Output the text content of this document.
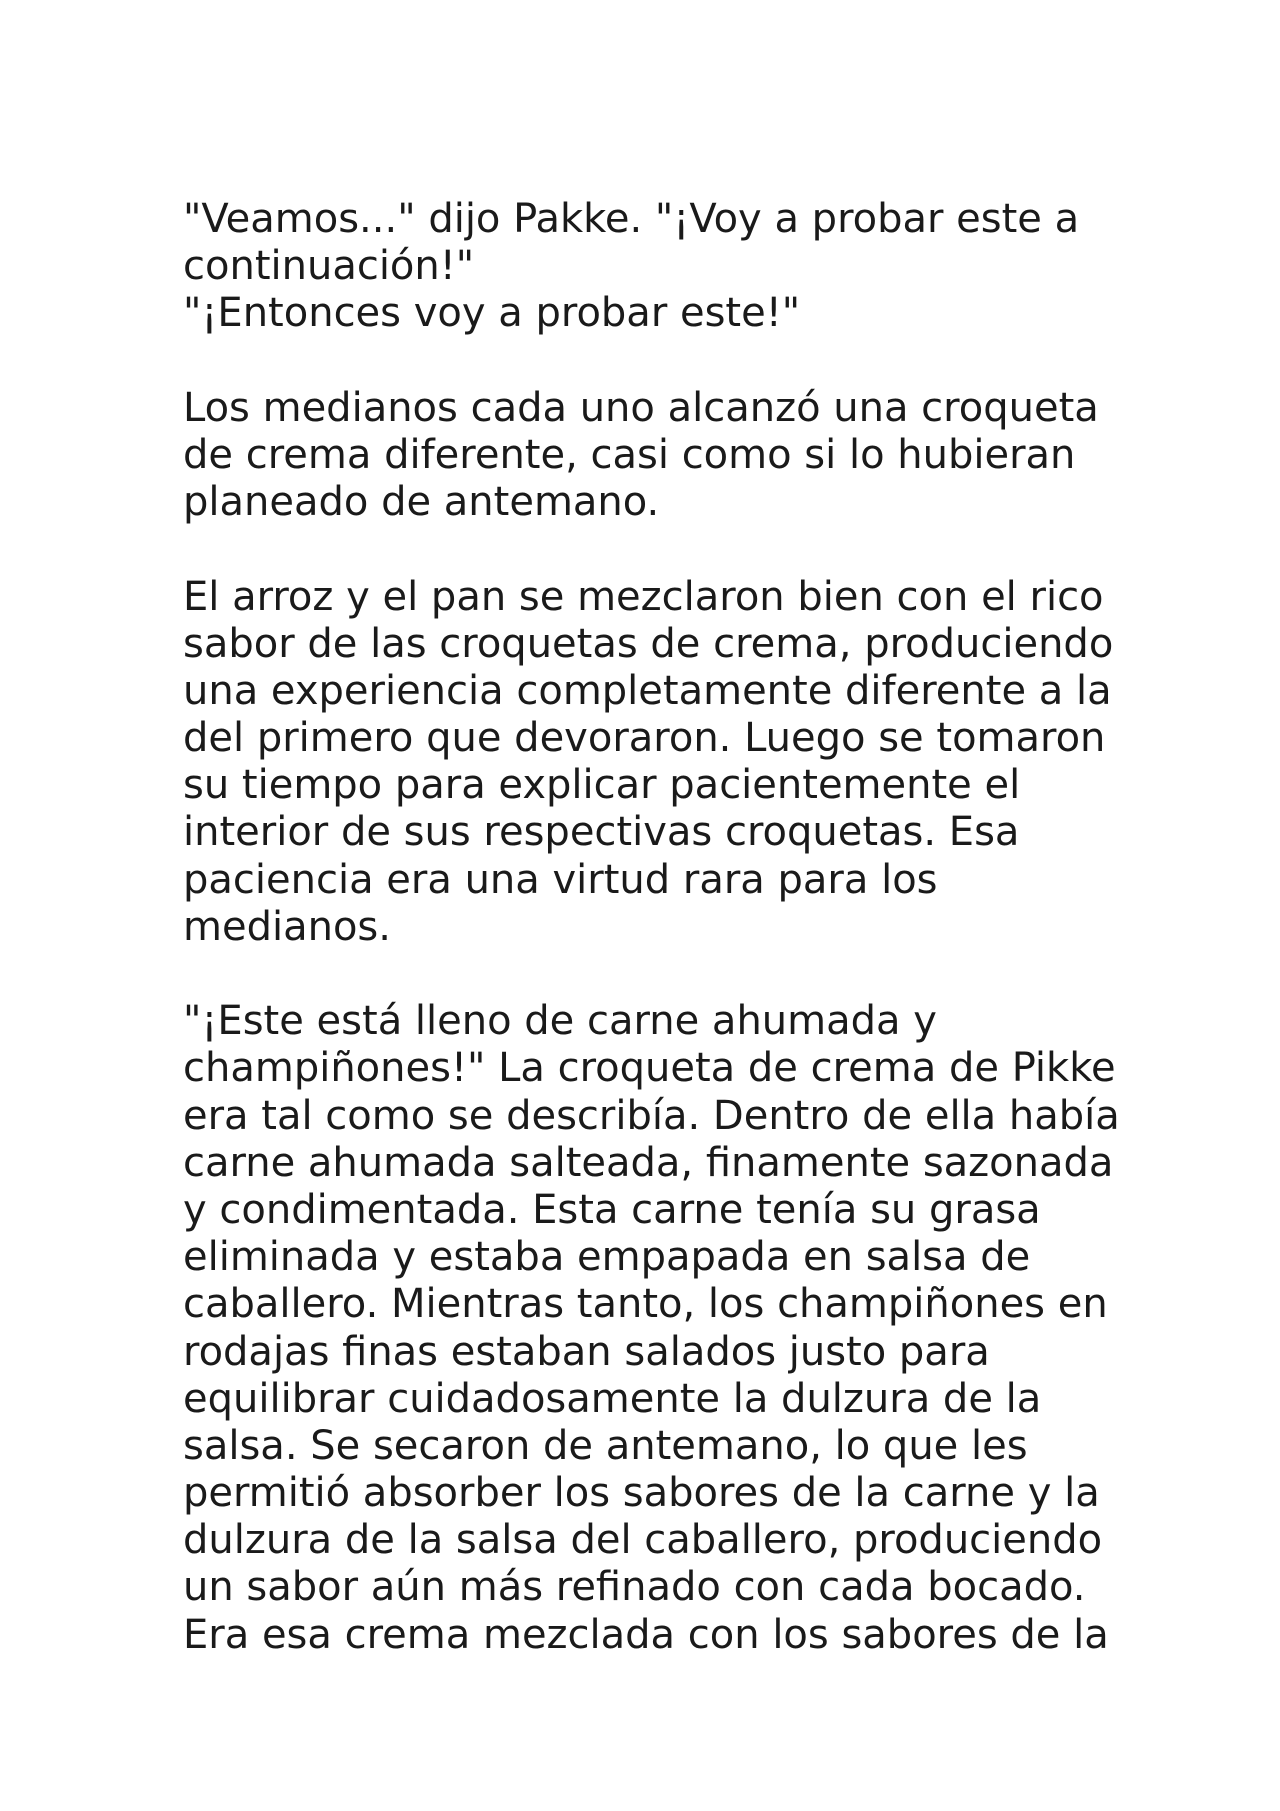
"Veamos..." dijo Pakke. "¡Voy a probar este a
continuación!"
"¡Entonces voy a probar este!"
Los medianos cada uno alcanzó una croqueta
de crema diferente, casi como si lo hubieran
planeado de antemano.
El arroz y el pan se mezclaron bien con el rico
sabor de las croquetas de crema, produciendo
una experiencia completamente diferente a la
del primero que devoraron. Luego se tomaron
su tiempo para explicar pacientemente el
interior de sus respectivas croquetas. Esa
paciencia era una virtud rara para los
medianos.
"¡Este está lleno de carne ahumada y
champiñones!" La croqueta de crema de Pikke
era tal como se describía. Dentro de ella había
carne ahumada salteada, finamente sazonada
y condimentada. Esta carne tenía su grasa
eliminada y estaba empapada en salsa de
caballero. Mientras tanto, los champiñones en
rodajas finas estaban salados justo para
equilibrar cuidadosamente la dulzura de la
salsa. Se secaron de antemano, lo que les
permitió absorber los sabores de la carne y la
dulzura de la salsa del caballero, produciendo
un sabor aún más refinado con cada bocado.
Era esa crema mezclada con los sabores de la
